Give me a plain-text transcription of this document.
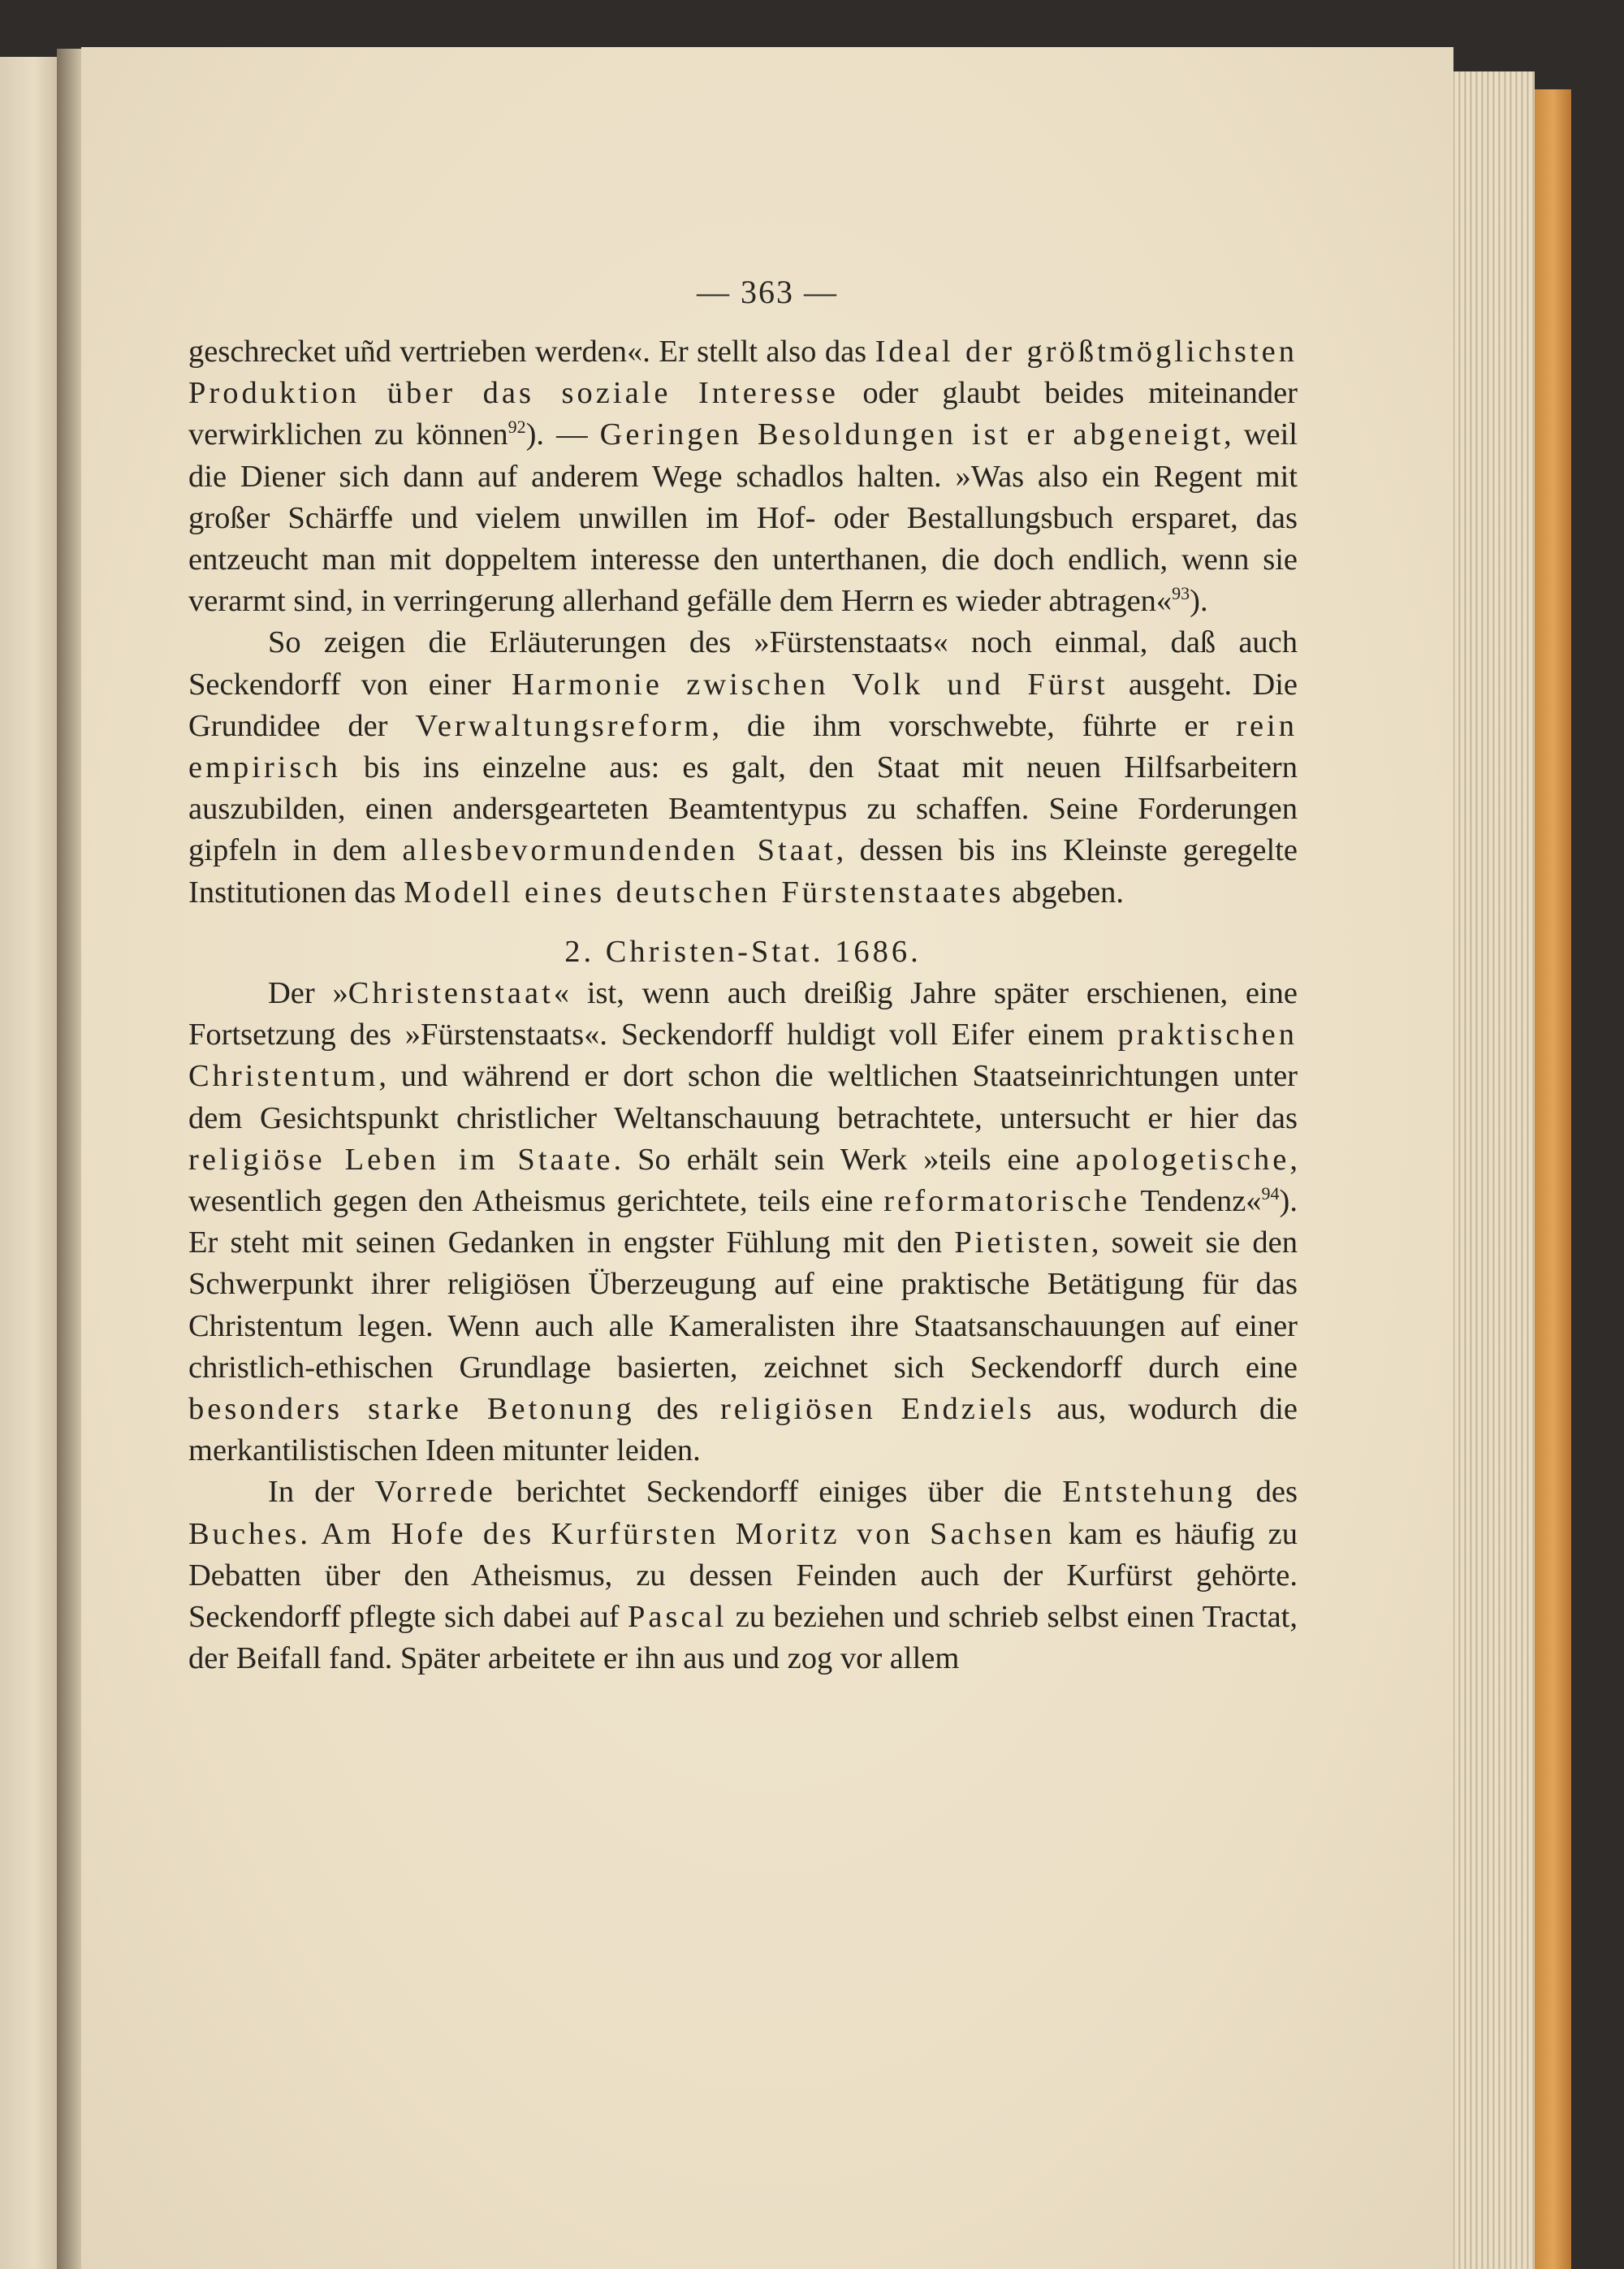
— 363 —

geschrecket uñd vertrieben werden«. Er stellt also das Ideal der größtmöglichsten Produktion über das soziale Interesse oder glaubt beides miteinander verwirklichen zu können$^{92}$). — Geringen Besoldungen ist er abgeneigt, weil die Diener sich dann auf anderem Wege schadlos halten. »Was also ein Regent mit großer Schärffe und vielem unwillen im Hof- oder Bestallungsbuch ersparet, das entzeucht man mit doppeltem interesse den unterthanen, die doch endlich, wenn sie verarmt sind, in verringerung allerhand gefälle dem Herrn es wieder abtragen«$^{93}$).

So zeigen die Erläuterungen des »Fürstenstaats« noch einmal, daß auch Seckendorff von einer Harmonie zwischen Volk und Fürst ausgeht. Die Grundidee der Verwaltungsreform, die ihm vorschwebte, führte er rein empirisch bis ins einzelne aus: es galt, den Staat mit neuen Hilfsarbeitern auszubilden, einen andersgearteten Beamtentypus zu schaffen. Seine Forderungen gipfeln in dem allesbevormundenden Staat, dessen bis ins Kleinste geregelte Institutionen das Modell eines deutschen Fürstenstaates abgeben.

2. Christen-Stat. 1686.

Der »Christenstaat« ist, wenn auch dreißig Jahre später erschienen, eine Fortsetzung des »Fürstenstaats«. Seckendorff huldigt voll Eifer einem praktischen Christentum, und während er dort schon die weltlichen Staatseinrichtungen unter dem Gesichtspunkt christlicher Weltanschauung betrachtete, untersucht er hier das religiöse Leben im Staate. So erhält sein Werk »teils eine apologetische, wesentlich gegen den Atheismus gerichtete, teils eine reformatorische Tendenz«$^{94}$). Er steht mit seinen Gedanken in engster Fühlung mit den Pietisten, soweit sie den Schwerpunkt ihrer religiösen Überzeugung auf eine praktische Betätigung für das Christentum legen. Wenn auch alle Kameralisten ihre Staatsanschauungen auf einer christlich-ethischen Grundlage basierten, zeichnet sich Seckendorff durch eine besonders starke Betonung des religiösen Endziels aus, wodurch die merkantilistischen Ideen mitunter leiden.

In der Vorrede berichtet Seckendorff einiges über die Entstehung des Buches. Am Hofe des Kurfürsten Moritz von Sachsen kam es häufig zu Debatten über den Atheismus, zu dessen Feinden auch der Kurfürst gehörte. Seckendorff pflegte sich dabei auf Pascal zu beziehen und schrieb selbst einen Tractat, der Beifall fand. Später arbeitete er ihn aus und zog vor allem
